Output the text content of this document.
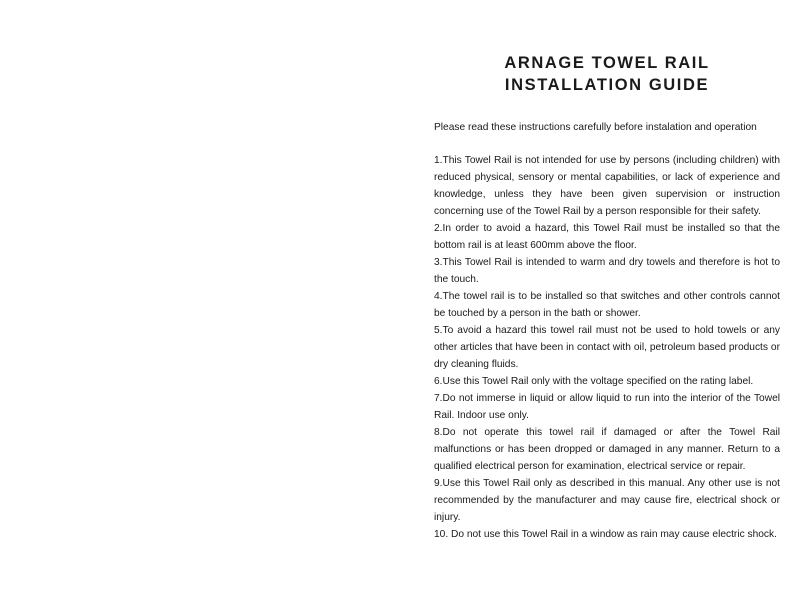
ARNAGE TOWEL RAIL
INSTALLATION GUIDE
Please read these instructions carefully before instalation and operation

1.This Towel Rail is not intended for use by persons (including children) with reduced physical, sensory or mental capabilities, or lack of experience and knowledge, unless they have been given supervision or instruction concerning use of the Towel Rail by a person responsible for their safety.

2.In order to avoid a hazard, this Towel Rail must be installed so that the bottom rail is at least 600mm above the floor.

3.This Towel Rail is intended to warm and dry towels and therefore is hot to the touch.

4.The towel rail is to be installed so that switches and other controls cannot be touched by a person in the bath or shower.

5.To avoid a hazard this towel rail must not be used to hold towels or any other articles that have been in contact with oil, petroleum based products or dry cleaning fluids.

6.Use this Towel Rail only with the voltage specified on the rating label.

7.Do not immerse in liquid or allow liquid to run into the interior of the Towel Rail. Indoor use only.

8.Do not operate this towel rail if damaged or after the Towel Rail malfunctions or has been dropped or damaged in any manner. Return to a qualified electrical person for examination, electrical service or repair.

9.Use this Towel Rail only as described in this manual. Any other use is not recommended by the manufacturer and may cause fire, electrical shock or injury.

10. Do not use this Towel Rail in a window as rain may cause electric shock.
